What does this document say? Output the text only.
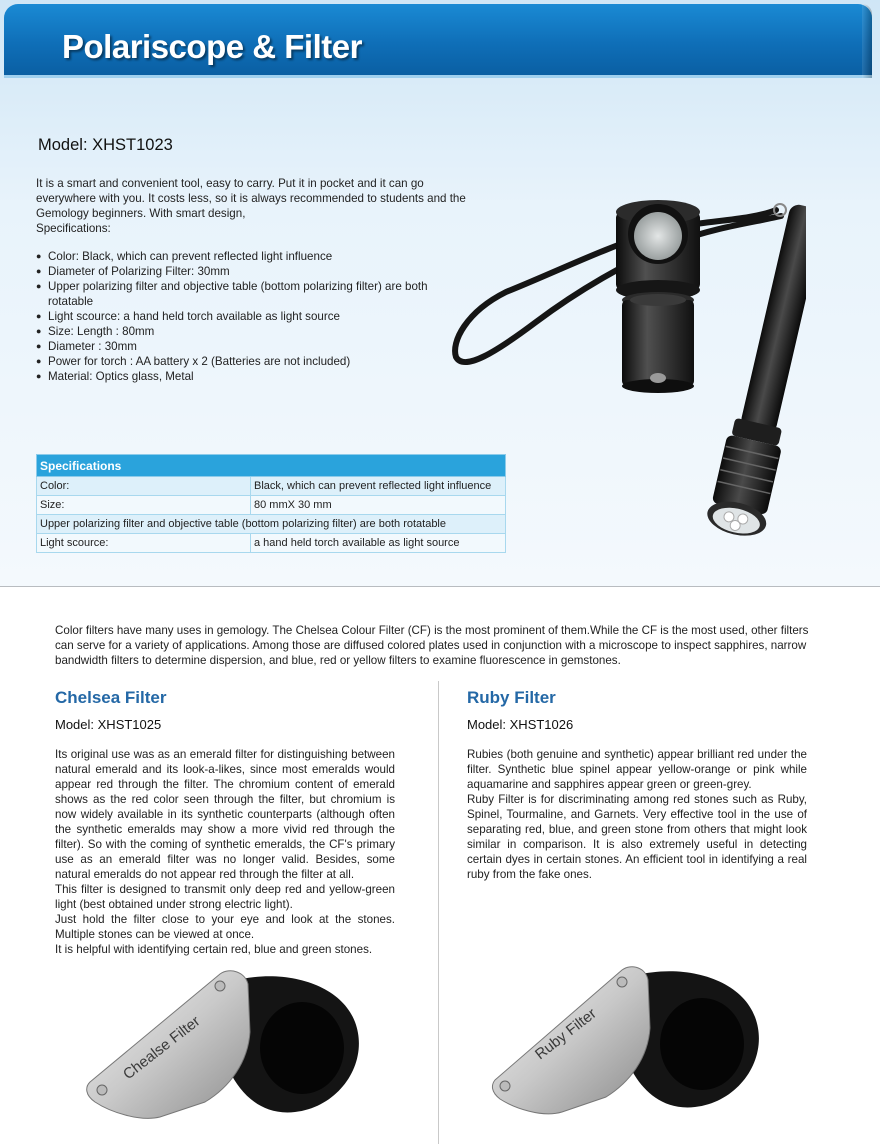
Polariscope & Filter
Model: XHST1023

It is a smart and convenient tool, easy to carry. Put it in pocket and it can go everywhere with you. It costs less, so it is always recommended to students and the Gemology beginners. With smart design,

Specifications:

● Color: Black, which can prevent reflected light influence
● Diameter of Polarizing Filter: 30mm
● Upper polarizing filter and objective table (bottom polarizing filter) are both rotatable
● Light scource: a hand held torch available as light source
● Size: Length : 80mm
● Diameter : 30mm
● Power for torch : AA battery x 2 (Batteries are not included)
● Material: Optics glass, Metal
Specifications	
Color:	Black, which can prevent reflected light influence
Size:	80 mmX 30 mm
Upper polarizing filter and objective table (bottom polarizing filter) are both rotatable	
Light scource:	a hand held torch available as light source

Color filters have many uses in gemology. The Chelsea Colour Filter (CF) is the most prominent of them.While the CF is the most used, other filters can serve for a variety of applications. Among those are diffused colored plates used in conjunction with a microscope to inspect sapphires, narrow bandwidth filters to determine dispersion, and blue, red or yellow filters to examine fluorescence in gemstones.

Chelsea Filter
Model: XHST1025

Its original use was as an emerald filter for distinguishing between natural emerald and its look-a-likes, since most emeralds would appear red through the filter. The chromium content of emerald shows as the red color seen through the filter, but chromium is now widely available in its synthetic counterparts (although often the synthetic emeralds may show a more vivid red through the filter). So with the coming of synthetic emeralds, the CF's primary use as an emerald filter was no longer valid. Besides, some natural emeralds do not appear red through the filter at all.

This filter is designed to transmit only deep red and yellow-green light (best obtained under strong electric light).

Just hold the filter close to your eye and look at the stones. Multiple stones can be viewed at once.

It is helpful with identifying certain red, blue and green stones.

Ruby Filter
Model: XHST1026

Rubies (both genuine and synthetic) appear brilliant red under the filter. Synthetic blue spinel appear yellow-orange or pink while aquamarine and sapphires appear green or green-grey.

Ruby Filter is for discriminating among red stones such as Ruby, Spinel, Tourmaline, and Garnets. Very effective tool in the use of separating red, blue, and green stone from others that might look similar in comparison. It is also extremely useful in detecting certain dyes in certain stones. An efficient tool in identifying a real ruby from the fake ones.

Chealse Filter	Ruby Filter
